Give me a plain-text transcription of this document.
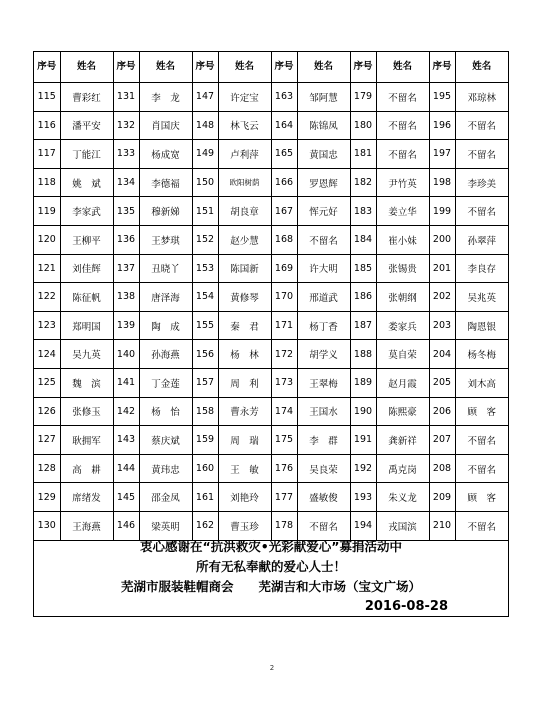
序号	姓名	序号	姓名	序号	姓名	序号	姓名	序号	姓名	序号	姓名
115	曹彩红	131	李　龙	147	许定宝	163	邹阿慧	179	不留名	195	邓琼林
116	潘平安	132	肖国庆	148	林飞云	164	陈锦凤	180	不留名	196	不留名
117	丁能江	133	杨成宽	149	卢利萍	165	黄国忠	181	不留名	197	不留名
118	姚　斌	134	李德福	150	欧阳树荫	166	罗恩辉	182	尹竹英	198	李珍美
119	李家武	135	穆新娣	151	胡良章	167	恽元好	183	姜立华	199	不留名
120	王柳平	136	王梦琪	152	赵少慧	168	不留名	184	崔小妹	200	孙翠萍
121	刘佳辉	137	丑晓丫	153	陈国新	169	许大明	185	张锡贵	201	李良存
122	陈征帆	138	唐泽海	154	黄修琴	170	邢道武	186	张朝纲	202	吴兆英
123	郑明国	139	陶　成	155	秦　君	171	杨丁香	187	娄家兵	203	陶恩银
124	吴九英	140	孙海燕	156	杨　林	172	胡学义	188	莫自荣	204	杨冬梅
125	魏　滨	141	丁金莲	157	周　利	173	王翠梅	189	赵月霞	205	刘木高
126	张修玉	142	杨　怡	158	曹永芳	174	王国水	190	陈熙豪	206	顾　客
127	耿拥军	143	蔡庆斌	159	周　瑞	175	李　群	191	龚新祥	207	不留名
128	高　耕	144	黄玮忠	160	王　敏	176	吴良荣	192	禹克岗	208	不留名
129	席绪发	145	邵金凤	161	刘艳玲	177	盛敏俊	193	朱义龙	209	顾　客
130	王海燕	146	梁英明	162	曹玉珍	178	不留名	194	戎国滨	210	不留名
衷心感谢在“抗洪救灾•光彩献爱心”募捐活动中
所有无私奉献的爱心人士！
芜湖市服装鞋帽商会　　芜湖吉和大市场（宝文广场）
2016-08-28
2
